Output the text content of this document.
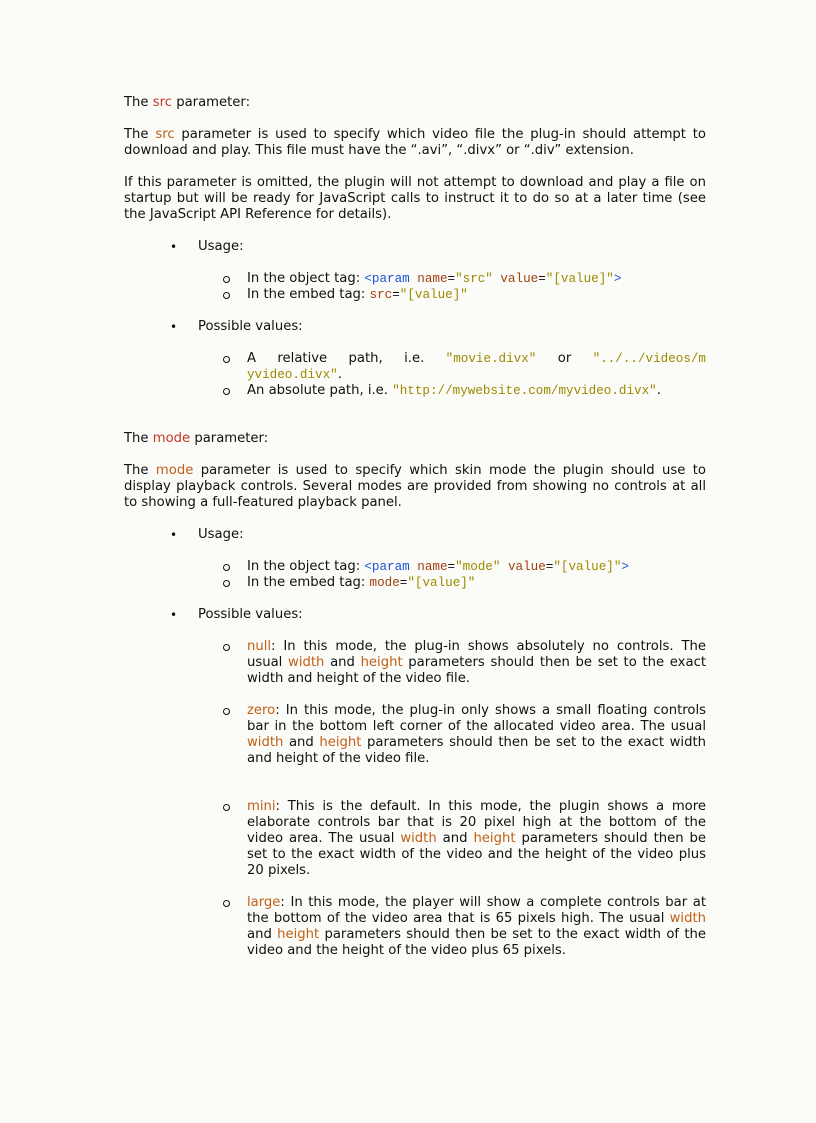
The src parameter:

The src parameter is used to specify which video file the plug-in should attempt to download and play. This file must have the “.avi”, “.divx” or “.div” extension.

If this parameter is omitted, the plugin will not attempt to download and play a file on startup but will be ready for JavaScript calls to instruct it to do so at a later time (see the JavaScript API Reference for details).

• Usage:

In the object tag: <param name="src" value="[value]">

In the embed tag: src="[value]"

• Possible values:

A relative path, i.e. "movie.divx" or "../../videos/myvideo.divx".

An absolute path, i.e. "http://mywebsite.com/myvideo.divx".

The mode parameter:

The mode parameter is used to specify which skin mode the plugin should use to display playback controls. Several modes are provided from showing no controls at all to showing a full-featured playback panel.

• Usage:

In the object tag: <param name="mode" value="[value]">

In the embed tag: mode="[value]"

• Possible values:

null: In this mode, the plug-in shows absolutely no controls. The usual width and height parameters should then be set to the exact width and height of the video file.

zero: In this mode, the plug-in only shows a small floating controls bar in the bottom left corner of the allocated video area. The usual width and height parameters should then be set to the exact width and height of the video file.

mini: This is the default. In this mode, the plugin shows a more elaborate controls bar that is 20 pixel high at the bottom of the video area. The usual width and height parameters should then be set to the exact width of the video and the height of the video plus 20 pixels.

large: In this mode, the player will show a complete controls bar at the bottom of the video area that is 65 pixels high. The usual width and height parameters should then be set to the exact width of the video and the height of the video plus 65 pixels.
